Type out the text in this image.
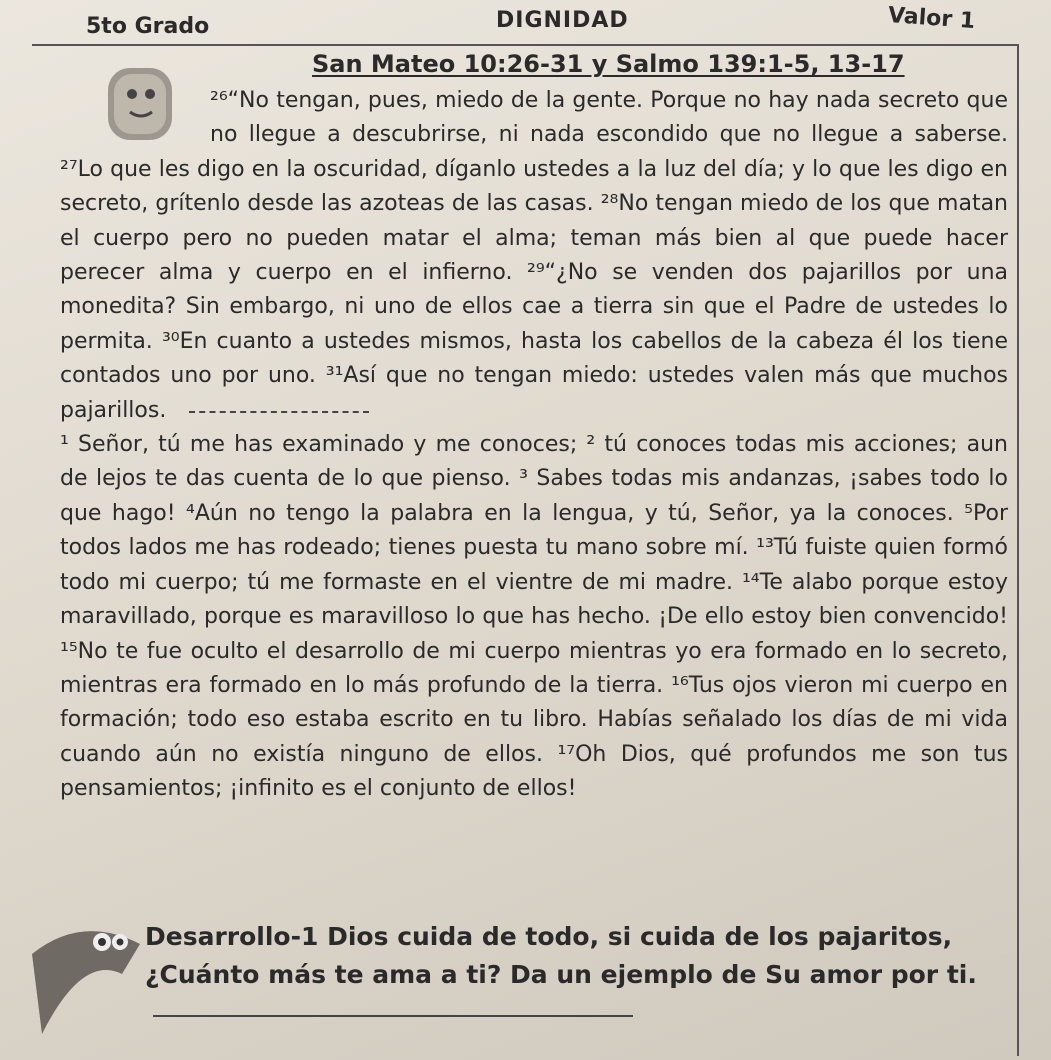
5to Grado	DIGNIDAD	Valor 1
San Mateo 10:26-31 y Salmo 139:1-5, 13-17
²⁶“No tengan, pues, miedo de la gente. Porque no hay nada secreto que no llegue a descubrirse, ni nada escondido que no llegue a saberse. ²⁷Lo que les digo en la oscuridad, díganlo ustedes a la luz del día; y lo que les digo en secreto, grítenlo desde las azoteas de las casas. ²⁸No tengan miedo de los que matan el cuerpo pero no pueden matar el alma; teman más bien al que puede hacer perecer alma y cuerpo en el infierno. ²⁹“¿No se venden dos pajarillos por una monedita? Sin embargo, ni uno de ellos cae a tierra sin que el Padre de ustedes lo permita. ³⁰En cuanto a ustedes mismos, hasta los cabellos de la cabeza él los tiene contados uno por uno. ³¹Así que no tengan miedo: ustedes valen más que muchos pajarillos.
¹ Señor, tú me has examinado y me conoces; ² tú conoces todas mis acciones; aun de lejos te das cuenta de lo que pienso. ³ Sabes todas mis andanzas, ¡sabes todo lo que hago! ⁴Aún no tengo la palabra en la lengua, y tú, Señor, ya la conoces. ⁵Por todos lados me has rodeado; tienes puesta tu mano sobre mí. ¹³Tú fuiste quien formó todo mi cuerpo; tú me formaste en el vientre de mi madre. ¹⁴Te alabo porque estoy maravillado, porque es maravilloso lo que has hecho. ¡De ello estoy bien convencido! ¹⁵No te fue oculto el desarrollo de mi cuerpo mientras yo era formado en lo secreto, mientras era formado en lo más profundo de la tierra. ¹⁶Tus ojos vieron mi cuerpo en formación; todo eso estaba escrito en tu libro. Habías señalado los días de mi vida cuando aún no existía ninguno de ellos. ¹⁷Oh Dios, qué profundos me son tus pensamientos; ¡infinito es el conjunto de ellos!
Desarrollo-1 Dios cuida de todo, si cuida de los pajaritos, ¿Cuánto más te ama a ti? Da un ejemplo de Su amor por ti.
